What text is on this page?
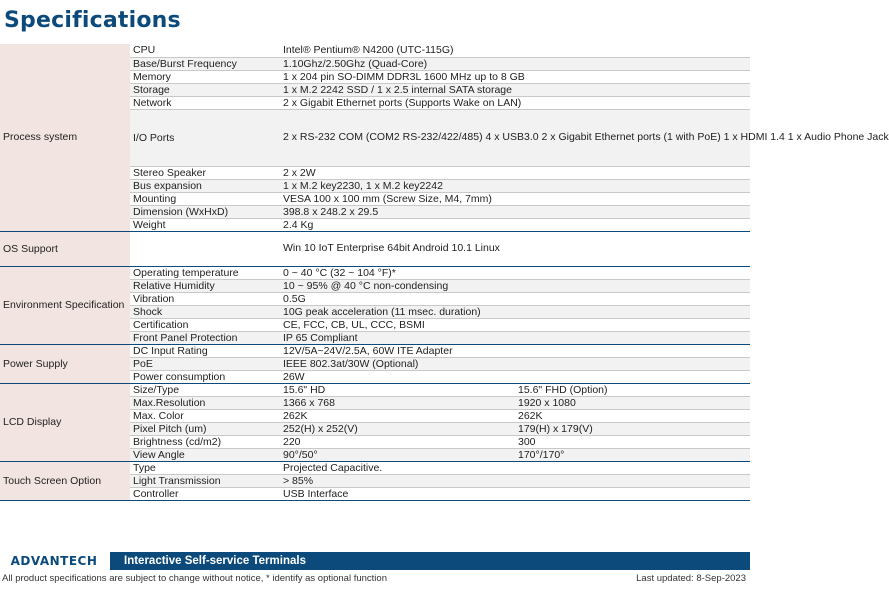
Specifications
Process system	CPU	Intel® Pentium® N4200 (UTC-115G)	
	Base/Burst Frequency	1.10Ghz/2.50Ghz (Quad-Core)	
	Memory	1 x 204 pin SO-DIMM DDR3L 1600 MHz up to 8 GB	
	Storage	1 x M.2 2242 SSD / 1 x 2.5 internal SATA storage	
	Network	2 x Gigabit Ethernet ports (Supports Wake on LAN)	
	I/O Ports	2 x RS-232 COM (COM2 RS-232/422/485) 4 x USB3.0 2 x Gigabit Ethernet ports (1 with PoE) 1 x HDMI 1.4 1 x Audio Phone Jack	
	Stereo Speaker	2 x 2W	
	Bus expansion	1 x M.2 key2230, 1 x M.2 key2242	
	Mounting	VESA 100 x 100 mm (Screw Size, M4, 7mm)	
	Dimension (WxHxD)	398.8 x 248.2 x 29.5	
	Weight	2.4 Kg	
OS Support		Win 10 IoT Enterprise 64bit Android 10.1 Linux	
Environment Specification	Operating temperature	0 ~ 40 °C (32 ~ 104 °F)*	
	Relative Humidity	10 ~ 95% @ 40 °C non-condensing	
	Vibration	0.5G	
	Shock	10G peak acceleration (11 msec. duration)	
	Certification	CE, FCC, CB, UL, CCC, BSMI	
	Front Panel Protection	IP 65 Compliant	
Power Supply	DC Input Rating	12V/5A~24V/2.5A, 60W ITE Adapter	
	PoE	IEEE 802.3at/30W (Optional)	
	Power consumption	26W	
LCD Display	Size/Type	15.6" HD	15.6" FHD (Option)
	Max.Resolution	1366 x 768	1920 x 1080
	Max. Color	262K	262K
	Pixel Pitch (um)	252(H) x 252(V)	179(H) x 179(V)
	Brightness (cd/m2)	220	300
	View Angle	90°/50°	170°/170°
Touch Screen Option	Type	Projected Capacitive.	
	Light Transmission	> 85%	
	Controller	USB Interface	
ADVANTECH	Interactive Self-service Terminals
All product specifications are subject to change without notice, * identify as optional function	Last updated: 8-Sep-2023
